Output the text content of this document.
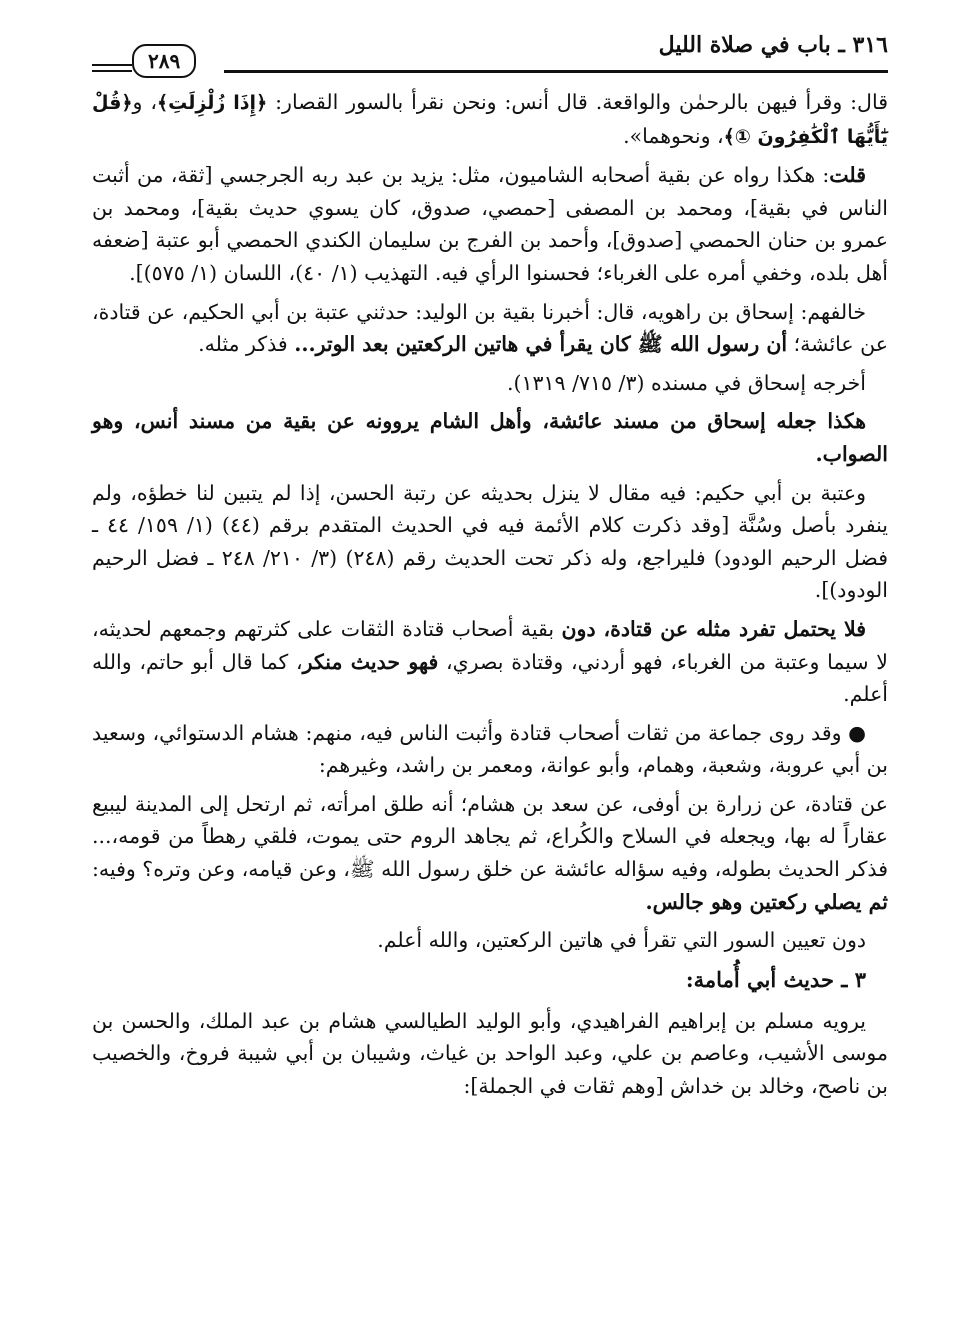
٣١٦ ـ باب في صلاة الليل
٢٨٩

قال: وقرأ فيهن بالرحمٰن والواقعة. قال أنس: ونحن نقرأ بالسور القصار: ﴿إِذَا زُلْزِلَتِ﴾، و﴿قُلْ يَٰٓأَيُّهَا ٱلْكَٰفِرُونَ ①﴾، ونحوهما».

قلت: هكذا رواه عن بقية أصحابه الشاميون، مثل: يزيد بن عبد ربه الجرجسي [ثقة، من أثبت الناس في بقية]، ومحمد بن المصفى [حمصي، صدوق، كان يسوي حديث بقية]، ومحمد بن عمرو بن حنان الحمصي [صدوق]، وأحمد بن الفرج بن سليمان الكندي الحمصي أبو عتبة [ضعفه أهل بلده، وخفي أمره على الغرباء؛ فحسنوا الرأي فيه. التهذيب (١/ ٤٠)، اللسان (١/ ٥٧٥)].

خالفهم: إسحاق بن راهويه، قال: أخبرنا بقية بن الوليد: حدثني عتبة بن أبي الحكيم، عن قتادة، عن عائشة؛ أن رسول الله ﷺ كان يقرأ في هاتين الركعتين بعد الوتر... فذكر مثله.

أخرجه إسحاق في مسنده (٣/ ٧١٥/ ١٣١٩).

هكذا جعله إسحاق من مسند عائشة، وأهل الشام يروونه عن بقية من مسند أنس، وهو الصواب.

وعتبة بن أبي حكيم: فيه مقال لا ينزل بحديثه عن رتبة الحسن، إذا لم يتبين لنا خطؤه، ولم ينفرد بأصل وسُنَّة [وقد ذكرت كلام الأئمة فيه في الحديث المتقدم برقم (٤٤) (١/ ١٥٩/ ٤٤ ـ فضل الرحيم الودود) فليراجع، وله ذكر تحت الحديث رقم (٢٤٨) (٣/ ٢١٠/ ٢٤٨ ـ فضل الرحيم الودود)].

فلا يحتمل تفرد مثله عن قتادة، دون بقية أصحاب قتادة الثقات على كثرتهم وجمعهم لحديثه، لا سيما وعتبة من الغرباء، فهو أردني، وقتادة بصري، فهو حديث منكر، كما قال أبو حاتم، والله أعلم.

● وقد روى جماعة من ثقات أصحاب قتادة وأثبت الناس فيه، منهم: هشام الدستوائي، وسعيد بن أبي عروبة، وشعبة، وهمام، وأبو عوانة، ومعمر بن راشد، وغيرهم:

عن قتادة، عن زرارة بن أوفى، عن سعد بن هشام؛ أنه طلق امرأته، ثم ارتحل إلى المدينة ليبيع عقاراً له بها، ويجعله في السلاح والكُراع، ثم يجاهد الروم حتى يموت، فلقي رهطاً من قومه،... فذكر الحديث بطوله، وفيه سؤاله عائشة عن خلق رسول الله ﷺ، وعن قيامه، وعن وتره؟ وفيه: ثم يصلي ركعتين وهو جالس.

دون تعيين السور التي تقرأ في هاتين الركعتين، والله أعلم.

٣ ـ حديث أبي أُمامة:

يرويه مسلم بن إبراهيم الفراهيدي، وأبو الوليد الطيالسي هشام بن عبد الملك، والحسن بن موسى الأشيب، وعاصم بن علي، وعبد الواحد بن غياث، وشيبان بن أبي شيبة فروخ، والخصيب بن ناصح، وخالد بن خداش [وهم ثقات في الجملة]:
